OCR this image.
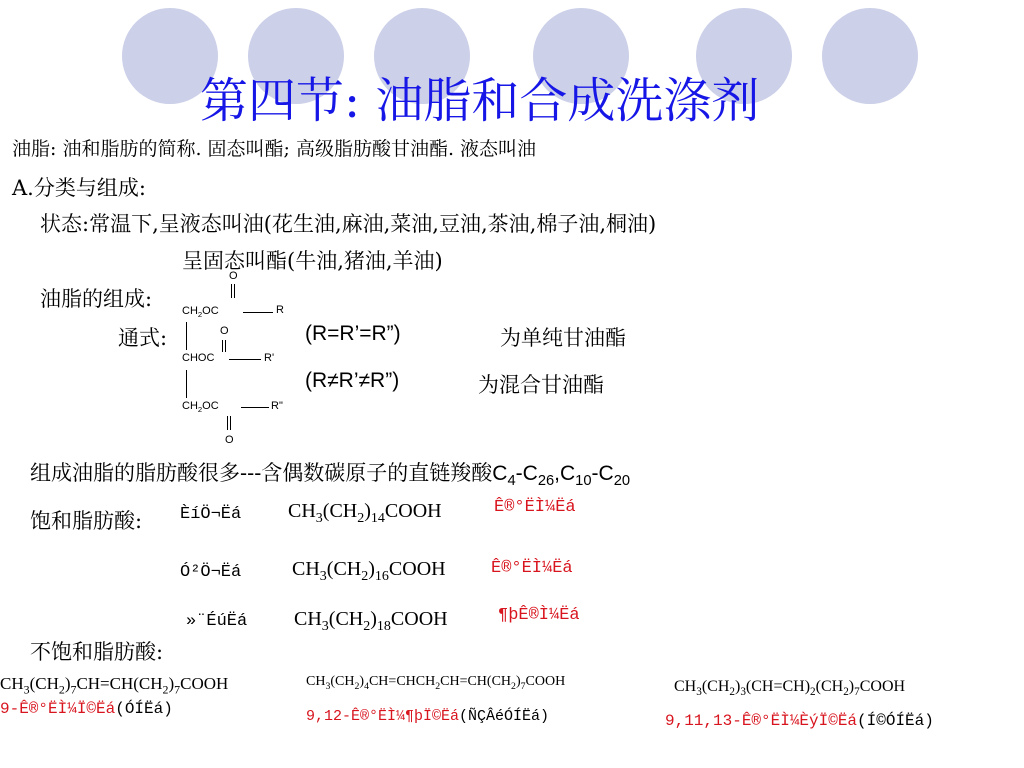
第四节: 油脂和合成洗涤剂
油脂: 油和脂肪的简称. 固态叫酯; 高级脂肪酸甘油酯. 液态叫油
A.分类与组成:
状态:常温下,呈液态叫油(花生油,麻油,菜油,豆油,茶油,棉子油,桐油)
呈固态叫酯(牛油,猪油,羊油)
油脂的组成:
通式:
O
$CH_2OC$	R
O
CHOC	R'
$CH_2OC$	R"
O
(R=R’=R”)	为单纯甘油酯
(R≠R’≠R”)	为混合甘油酯
组成油脂的脂肪酸很多---含偶数碳原子的直链羧酸$C_4-C_{26},C_{10}-C_{20}$
饱和脂肪酸: ÈíÖ¬Ëá $CH_3(CH_2)_{14}COOH$	Ê®°ËÌ¼Ëá
Ó²Ö¬Ëá	$CH_3(CH_2)_{16}COOH$	Ê®°ËÌ¼Ëá
»¨ÉúËá $CH_3(CH_2)_{18}COOH$	¶þÊ®Ì¼Ëá
不饱和脂肪酸:
$CH_3(CH_2)_7CH=CH(CH_2)_7COOH$
9-Ê®°ËÌ¼Ï©Ëá(ÓÍËá)
$CH_3(CH_2)_4CH=CHCH_2CH=CH(CH_2)_7COOH$
9,12-Ê®°ËÌ¼¶þÏ©Ëá(ÑÇÂéÓÍËá)
$CH_3(CH_2)_3(CH=CH)_2(CH_2)_7COOH$
9,11,13-Ê®°ËÌ¼ÈýÏ©Ëá(Í©ÓÍËá)
